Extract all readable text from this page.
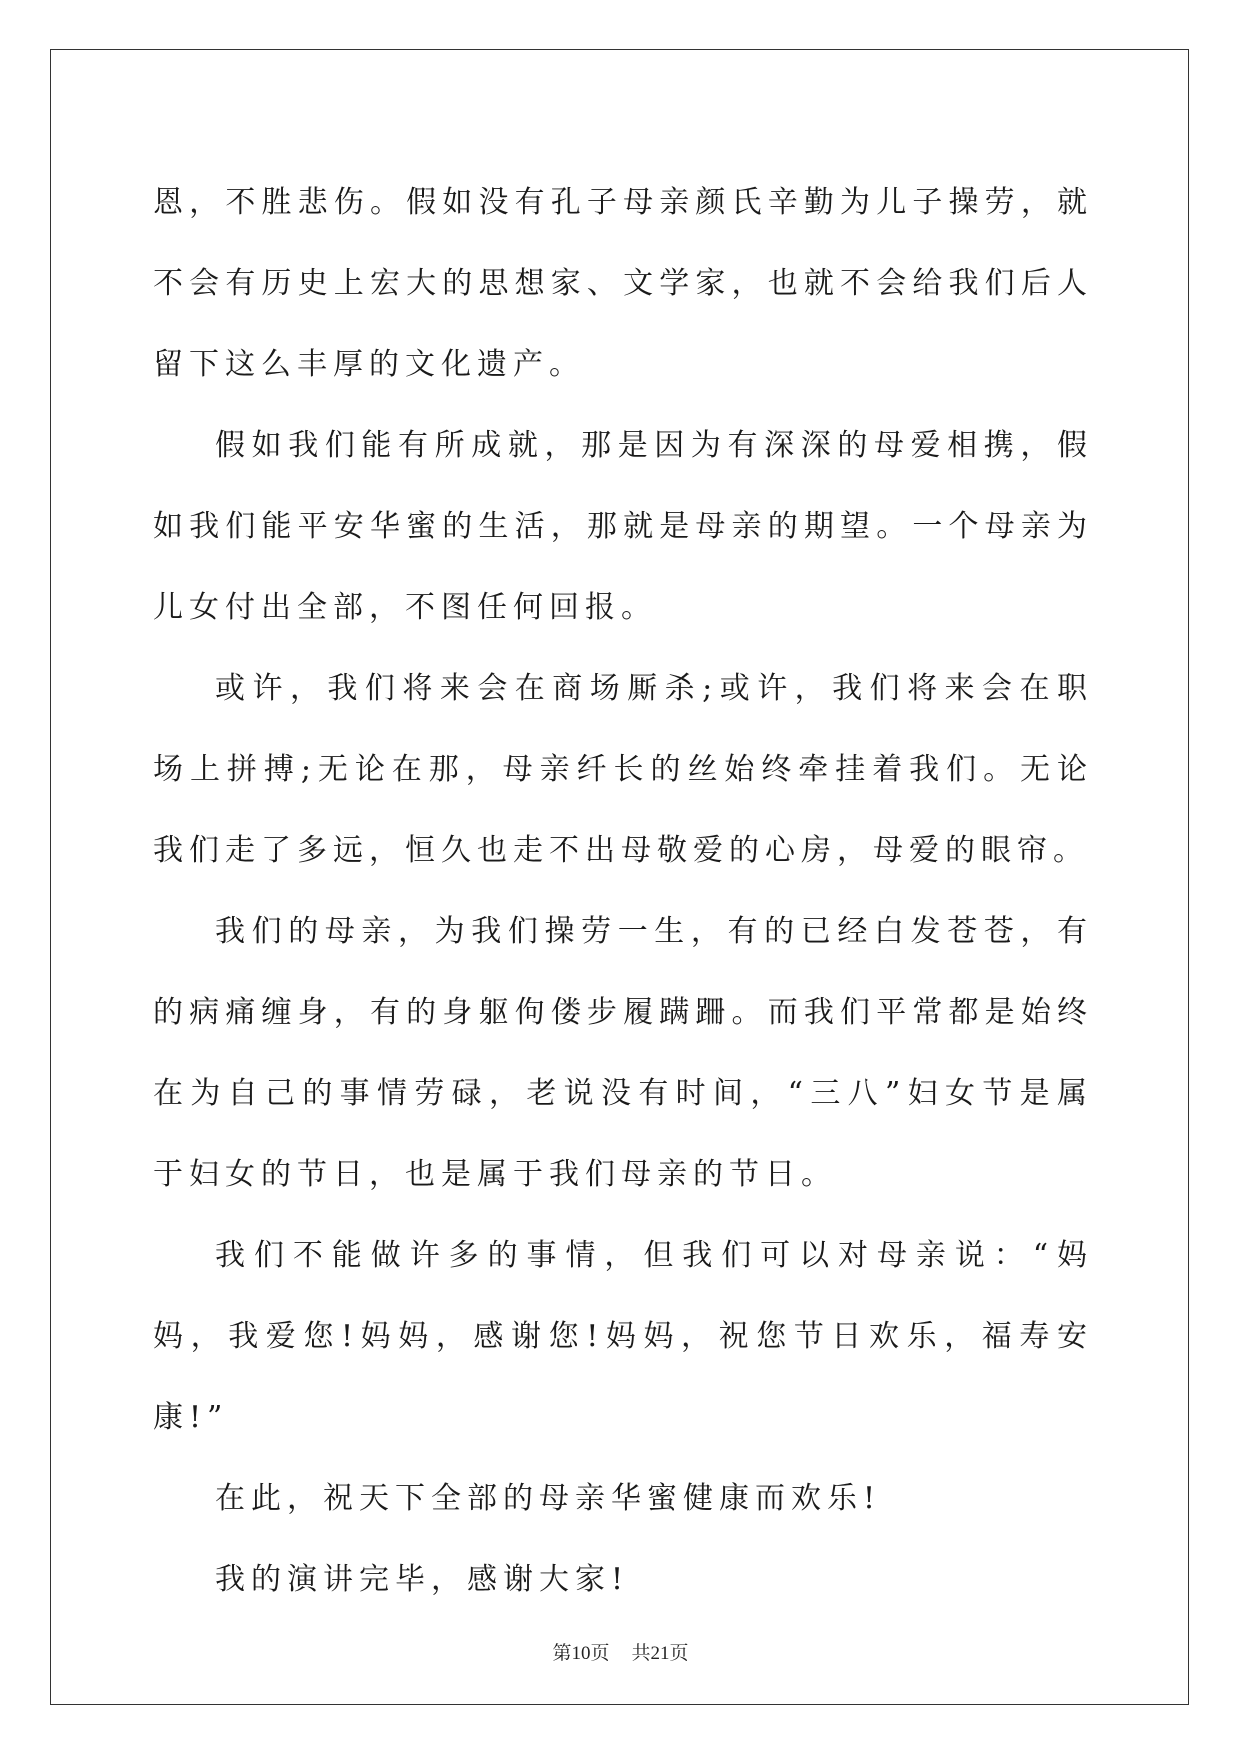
恩，不胜悲伤。假如没有孔子母亲颜氏辛勤为儿子操劳，就不会有历史上宏大的思想家、文学家，也就不会给我们后人留下这么丰厚的文化遗产。

假如我们能有所成就，那是因为有深深的母爱相携，假如我们能平安华蜜的生活，那就是母亲的期望。一个母亲为儿女付出全部，不图任何回报。

或许，我们将来会在商场厮杀;或许，我们将来会在职场上拼搏;无论在那，母亲纤长的丝始终牵挂着我们。无论我们走了多远，恒久也走不出母敬爱的心房，母爱的眼帘。

我们的母亲，为我们操劳一生，有的已经白发苍苍，有的病痛缠身，有的身躯佝偻步履蹒跚。而我们平常都是始终在为自己的事情劳碌，老说没有时间，“三八”妇女节是属于妇女的节日，也是属于我们母亲的节日。

我们不能做许多的事情，但我们可以对母亲说：“妈妈，我爱您!妈妈，感谢您!妈妈，祝您节日欢乐，福寿安康!”

在此，祝天下全部的母亲华蜜健康而欢乐!

我的演讲完毕，感谢大家!

第10页 共21页
